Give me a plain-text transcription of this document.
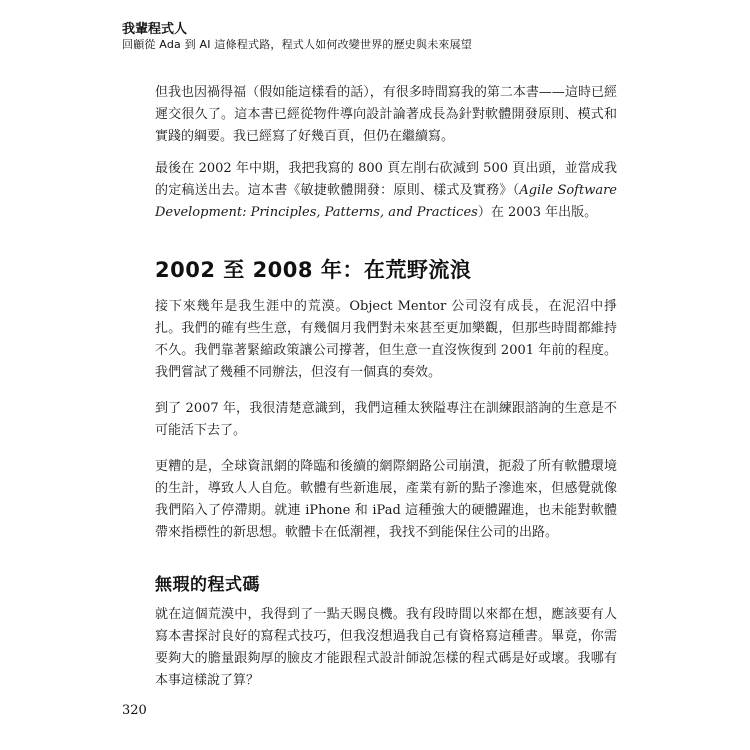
我輩程式人
回顧從 Ada 到 AI 這條程式路，程式人如何改變世界的歷史與未來展望

但我也因禍得福（假如能這樣看的話），有很多時間寫我的第二本書——這時已經遲交很久了。這本書已經從物件導向設計論著成長為針對軟體開發原則、模式和實踐的綱要。我已經寫了好幾百頁，但仍在繼續寫。

最後在 2002 年中期，我把我寫的 800 頁左削右砍減到 500 頁出頭，並當成我的定稿送出去。這本書《敏捷軟體開發：原則、樣式及實務》（Agile Software Development: Principles, Patterns, and Practices）在 2003 年出版。

2002 至 2008 年：在荒野流浪

接下來幾年是我生涯中的荒漠。Object Mentor 公司沒有成長，在泥沼中掙扎。我們的確有些生意，有幾個月我們對未來甚至更加樂觀，但那些時間都維持不久。我們靠著緊縮政策讓公司撐著，但生意一直沒恢復到 2001 年前的程度。我們嘗試了幾種不同辦法，但沒有一個真的奏效。

到了 2007 年，我很清楚意識到，我們這種太狹隘專注在訓練跟諮詢的生意是不可能活下去了。

更糟的是，全球資訊網的降臨和後續的網際網路公司崩潰，扼殺了所有軟體環境的生計，導致人人自危。軟體有些新進展，產業有新的點子滲進來，但感覺就像我們陷入了停滯期。就連 iPhone 和 iPad 這種強大的硬體躍進，也未能對軟體帶來指標性的新思想。軟體卡在低潮裡，我找不到能保住公司的出路。

無瑕的程式碼

就在這個荒漠中，我得到了一點天賜良機。我有段時間以來都在想，應該要有人寫本書探討良好的寫程式技巧，但我沒想過我自己有資格寫這種書。畢竟，你需要夠大的膽量跟夠厚的臉皮才能跟程式設計師說怎樣的程式碼是好或壞。我哪有本事這樣說了算？

320
